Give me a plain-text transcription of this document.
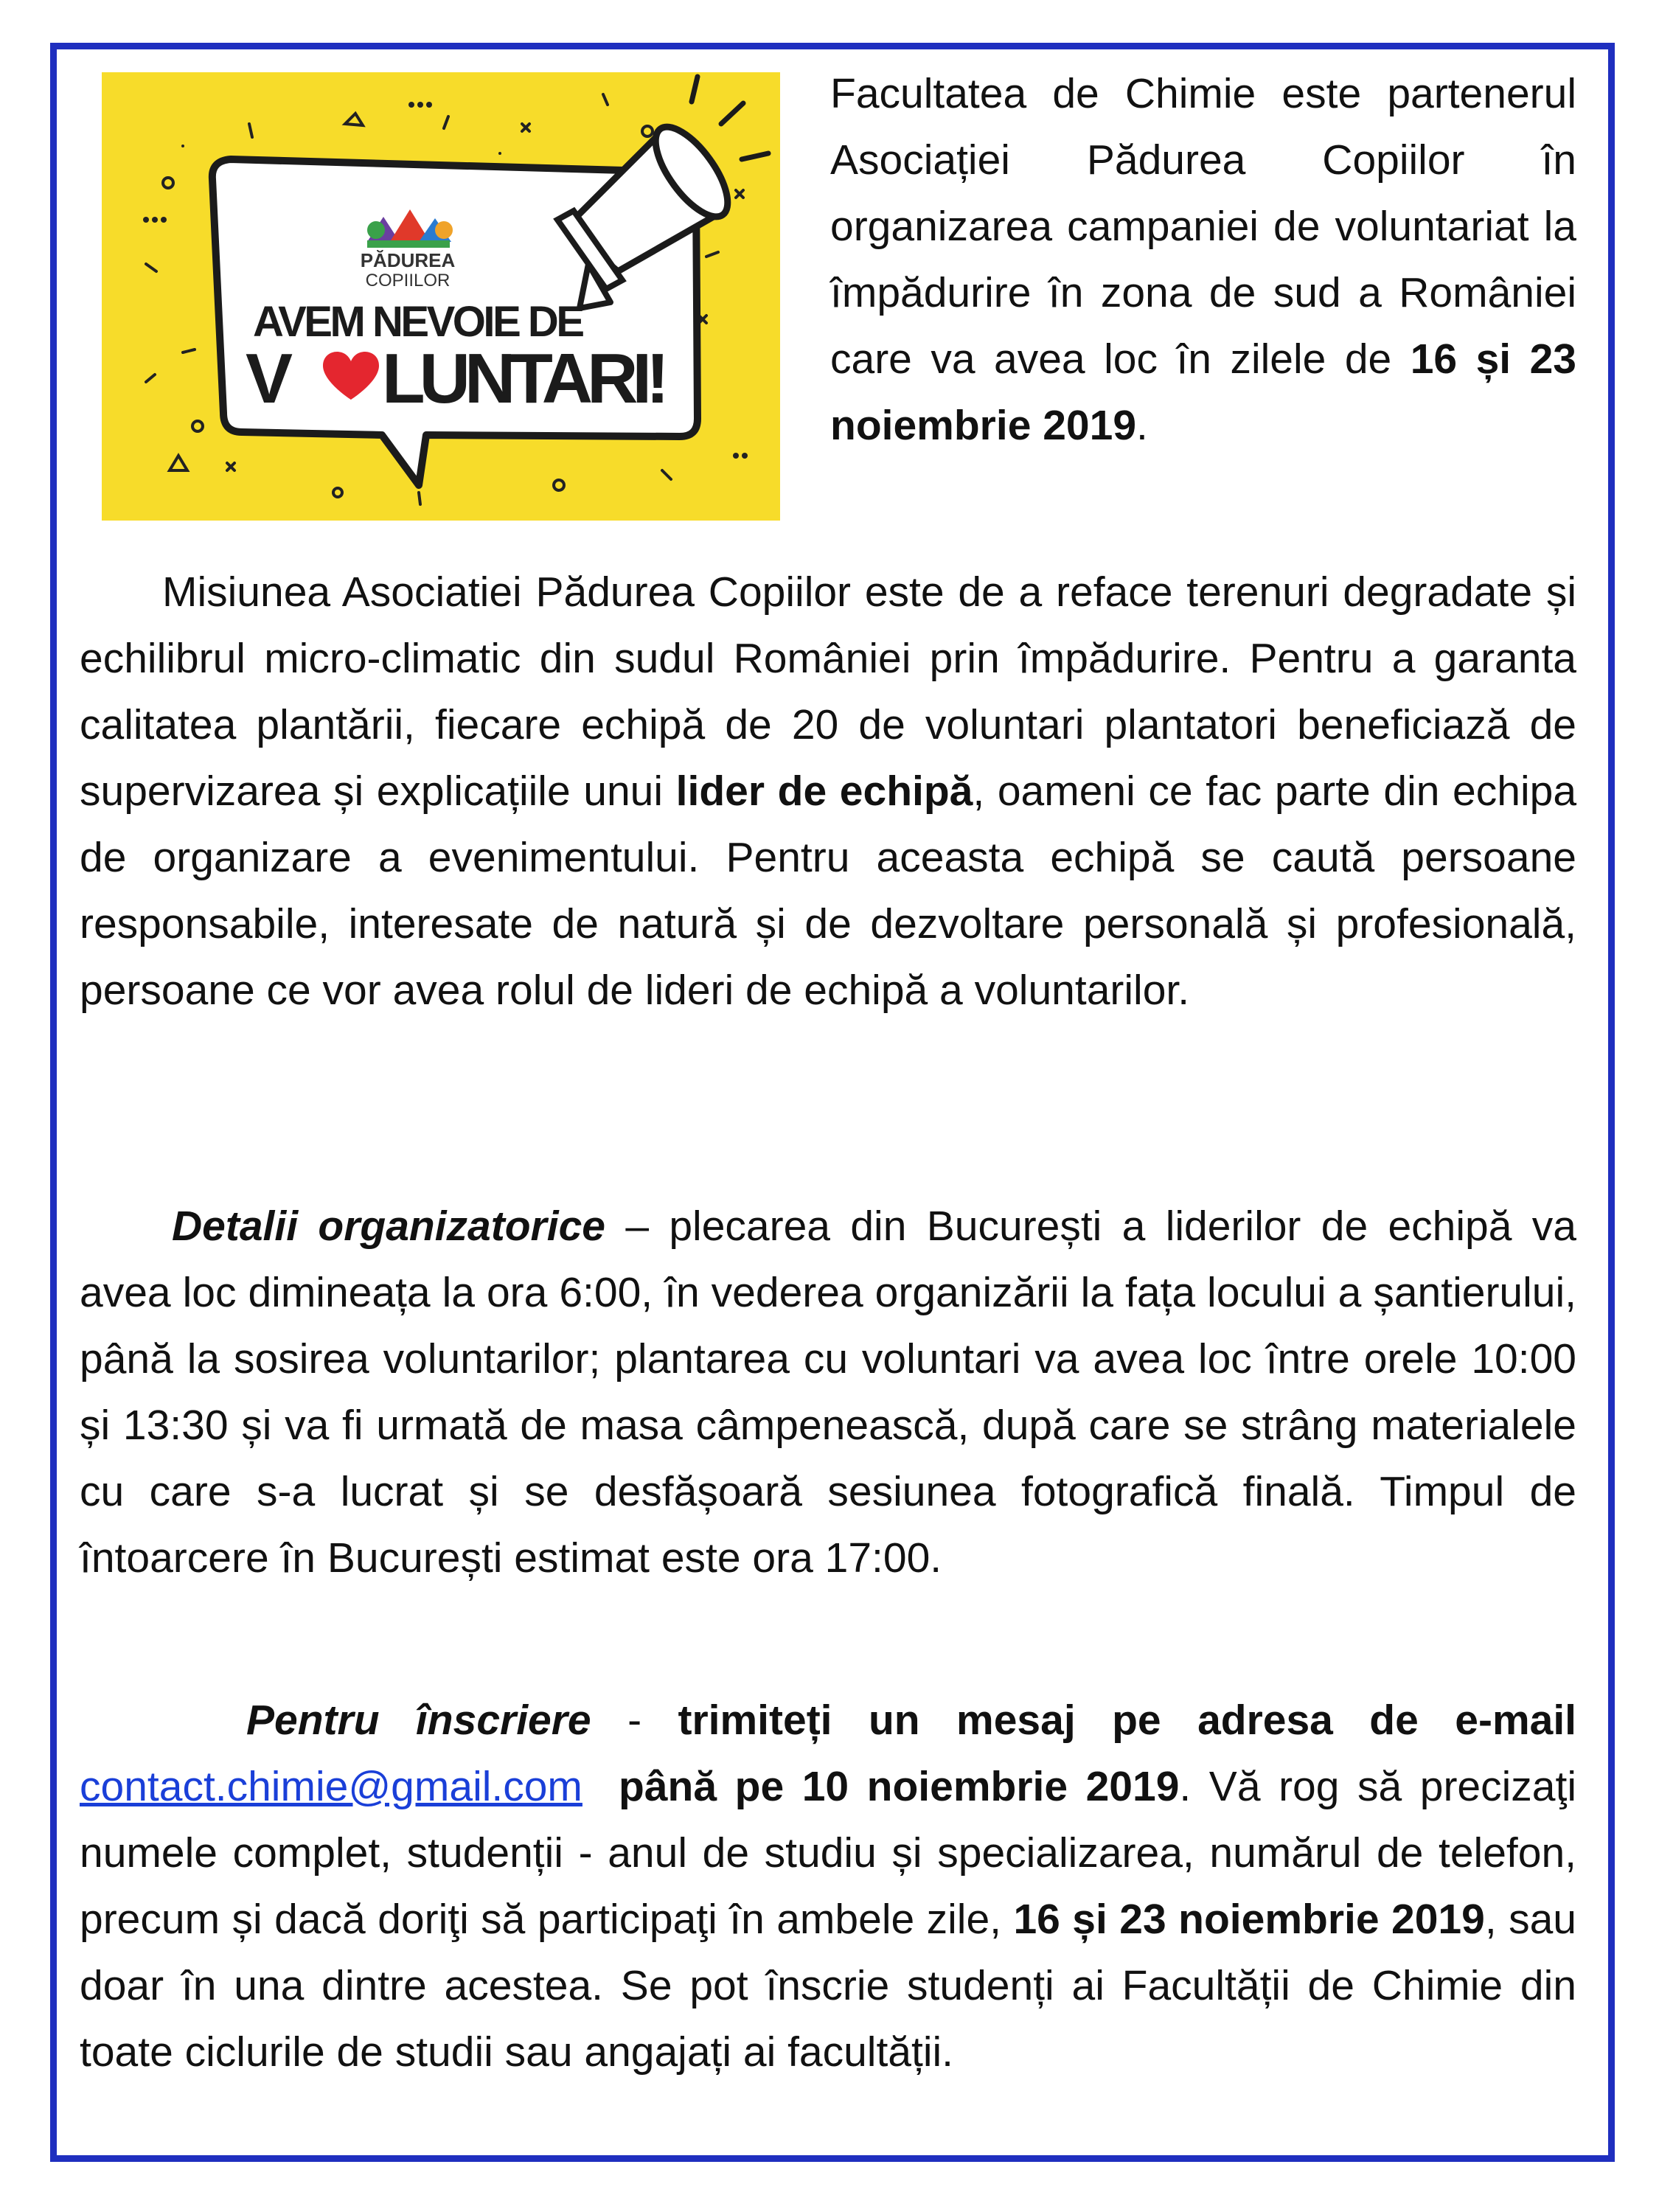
PĂDUREA
COPIILOR
AVEM NEVOIE DE
V LUNTARI!
Facultatea de Chimie este partenerul Asociației Pădurea Copiilor în organizarea campaniei de voluntariat la împădurire în zona de sud a României care va avea loc în zilele de 16 și 23 noiembrie 2019.
Misiunea Asociatiei Pădurea Copiilor este de a reface terenuri degradate și echilibrul micro-climatic din sudul României prin împădurire. Pentru a garanta calitatea plantării, fiecare echipă de 20 de voluntari plantatori beneficiază de supervizarea și explicațiile unui lider de echipă, oameni ce fac parte din echipa de organizare a evenimentului. Pentru aceasta echipă se caută persoane responsabile, interesate de natură și de dezvoltare personală și profesională, persoane ce vor avea rolul de lideri de echipă a voluntarilor.
Detalii organizatorice – plecarea din București a liderilor de echipă va avea loc dimineața la ora 6:00, în vederea organizării la fața locului a șantierului, până la sosirea voluntarilor; plantarea cu voluntari va avea loc între orele 10:00 și 13:30 și va fi urmată de masa câmpenească, după care se strâng materialele cu care s-a lucrat și se desfășoară sesiunea fotografică finală. Timpul de întoarcere în București estimat este ora 17:00.
Pentru înscriere - trimiteți un mesaj pe adresa de e-mail contact.chimie@gmail.com până pe 10 noiembrie 2019. Vă rog să precizaţi numele complet, studenții - anul de studiu și specializarea, numărul de telefon, precum și dacă doriţi să participaţi în ambele zile, 16 și 23 noiembrie 2019, sau doar în una dintre acestea. Se pot înscrie studenți ai Facultății de Chimie din toate ciclurile de studii sau angajați ai facultății.
